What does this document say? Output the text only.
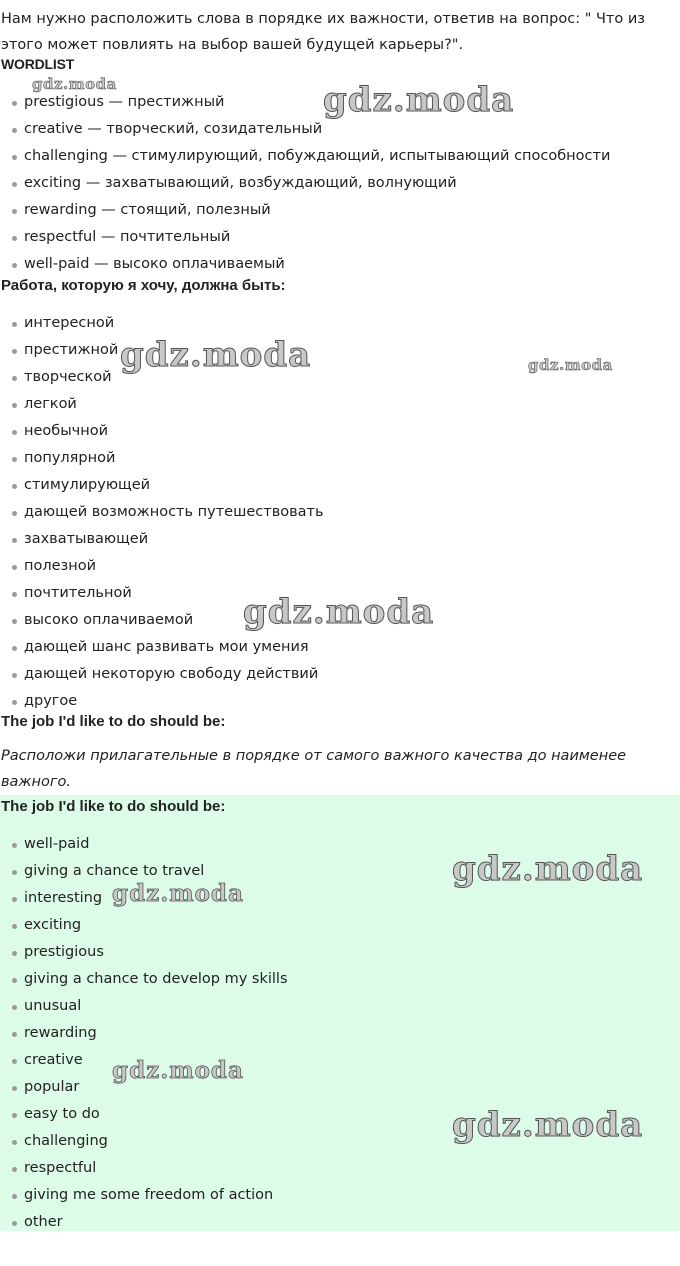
Нам нужно расположить слова в порядке их важности, ответив на вопрос: " Что из этого может повлиять на выбор вашей будущей карьеры?".

WORDLIST

prestigious — престижный
creative — творческий, созидательный
challenging — стимулирующий, побуждающий, испытывающий способности
exciting — захватывающий, возбуждающий, волнующий
rewarding — стоящий, полезный
respectful — почтительный
well-paid — высоко оплачиваемый

Работа, которую я хочу, должна быть:

интересной
престижной
творческой
легкой
необычной
популярной
стимулирующей
дающей возможность путешествовать
захватывающей
полезной
почтительной
высоко оплачиваемой
дающей шанс развивать мои умения
дающей некоторую свободу действий
другое

The job I'd like to do should be:

Расположи прилагательные в порядке от самого важного качества до наименее важного.

The job I'd like to do should be:

well-paid
giving a chance to travel
interesting
exciting
prestigious
giving a chance to develop my skills
unusual
rewarding
creative
popular
easy to do
challenging
respectful
giving me some freedom of action
other
gdz.moda	gdz.moda
gdz.moda	gdz.moda
gdz.moda
gdz.moda
gdz.moda
gdz.moda
gdz.moda
